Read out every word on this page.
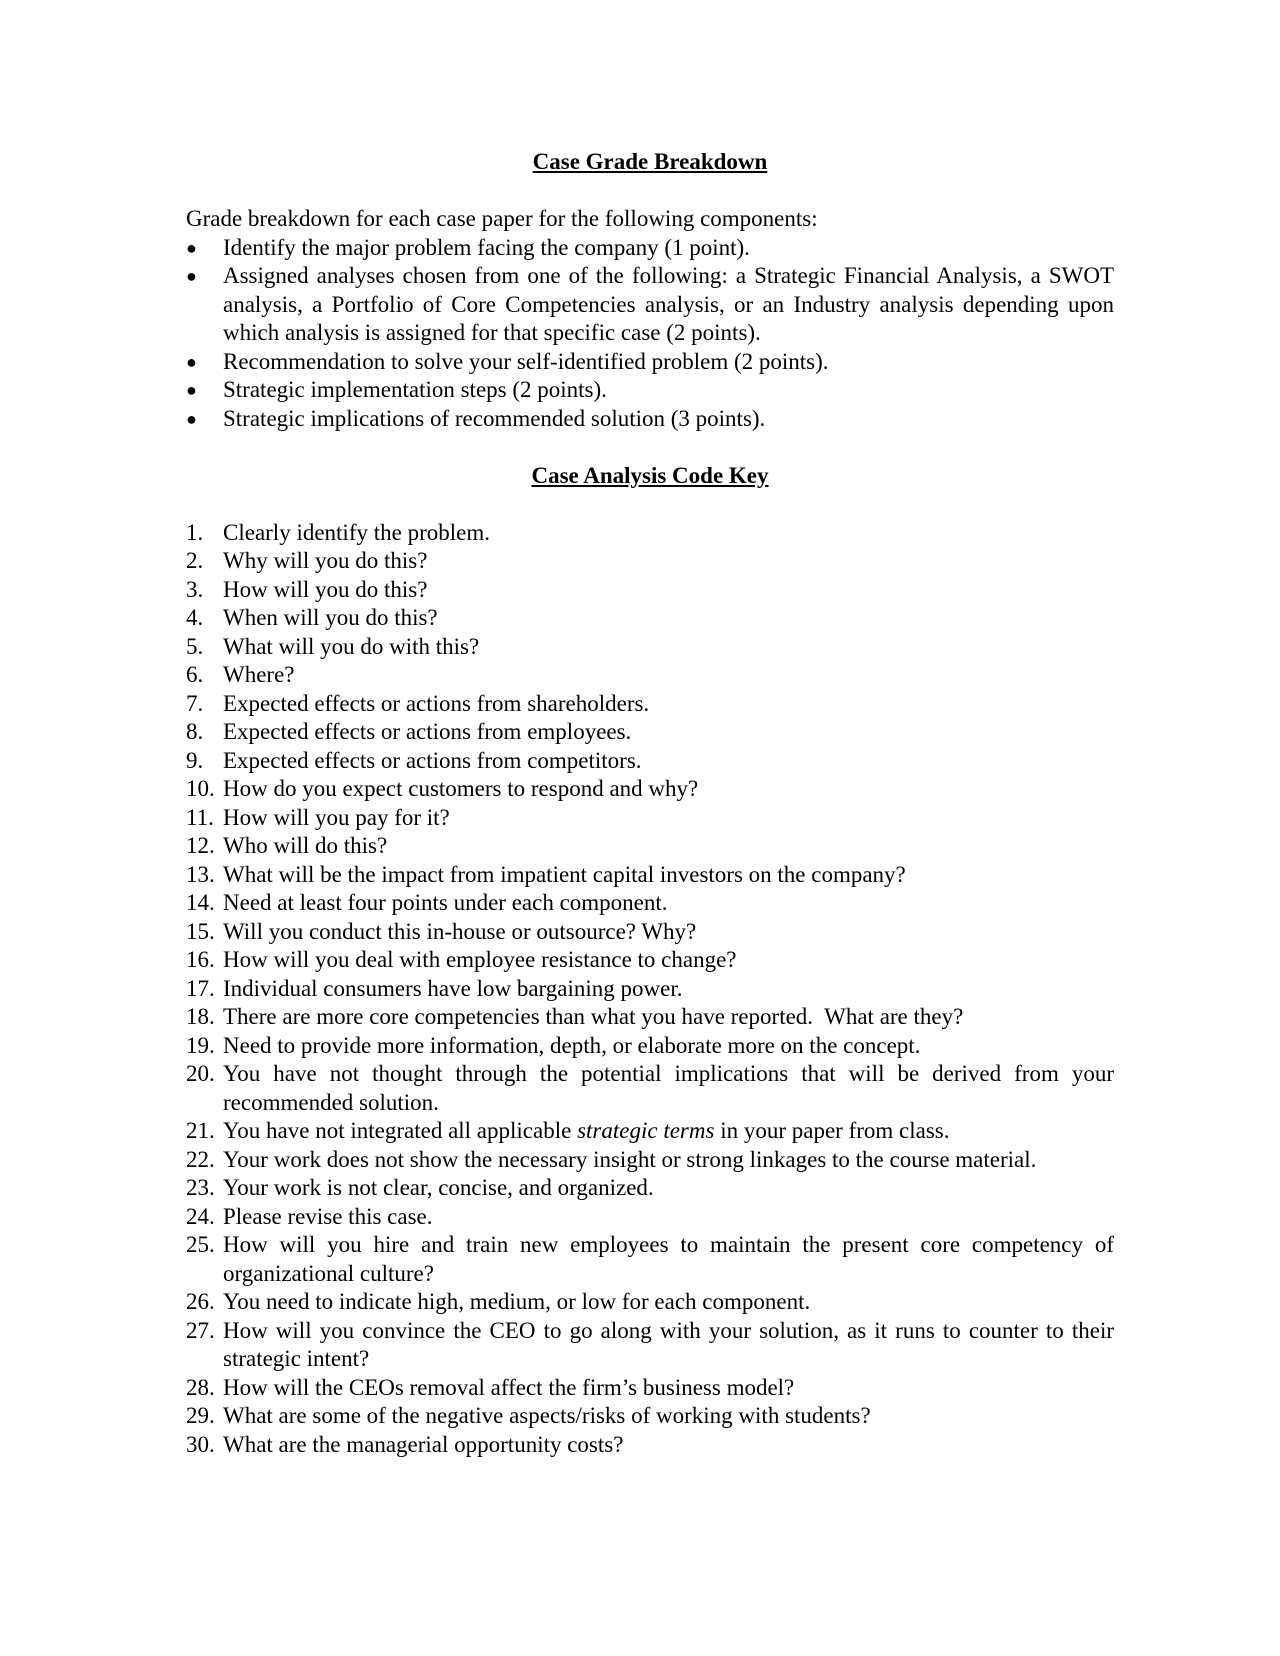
Case Grade Breakdown

Grade breakdown for each case paper for the following components:

●	Identify the major problem facing the company (1 point).
●	Assigned analyses chosen from one of the following: a Strategic Financial Analysis, a SWOT analysis, a Portfolio of Core Competencies analysis, or an Industry analysis depending upon which analysis is assigned for that specific case (2 points).
●	Recommendation to solve your self-identified problem (2 points).
●	Strategic implementation steps (2 points).
●	Strategic implications of recommended solution (3 points).
Case Analysis Code Key
1. Clearly identify the problem.
2. Why will you do this?
3. How will you do this?
4. When will you do this?
5. What will you do with this?
6. Where?
7. Expected effects or actions from shareholders.
8. Expected effects or actions from employees.
9. Expected effects or actions from competitors.
10. How do you expect customers to respond and why?
11. How will you pay for it?
12. Who will do this?
13. What will be the impact from impatient capital investors on the company?
14. Need at least four points under each component.
15. Will you conduct this in-house or outsource? Why?
16. How will you deal with employee resistance to change?
17. Individual consumers have low bargaining power.
18. There are more core competencies than what you have reported.  What are they?
19. Need to provide more information, depth, or elaborate more on the concept.
20. You have not thought through the potential implications that will be derived from your recommended solution.
21. You have not integrated all applicable strategic terms in your paper from class.
22. Your work does not show the necessary insight or strong linkages to the course material.
23. Your work is not clear, concise, and organized.
24. Please revise this case.
25. How will you hire and train new employees to maintain the present core competency of organizational culture?
26. You need to indicate high, medium, or low for each component.
27. How will you convince the CEO to go along with your solution, as it runs to counter to their strategic intent?
28. How will the CEOs removal affect the firm’s business model?
29. What are some of the negative aspects/risks of working with students?
30. What are the managerial opportunity costs?
